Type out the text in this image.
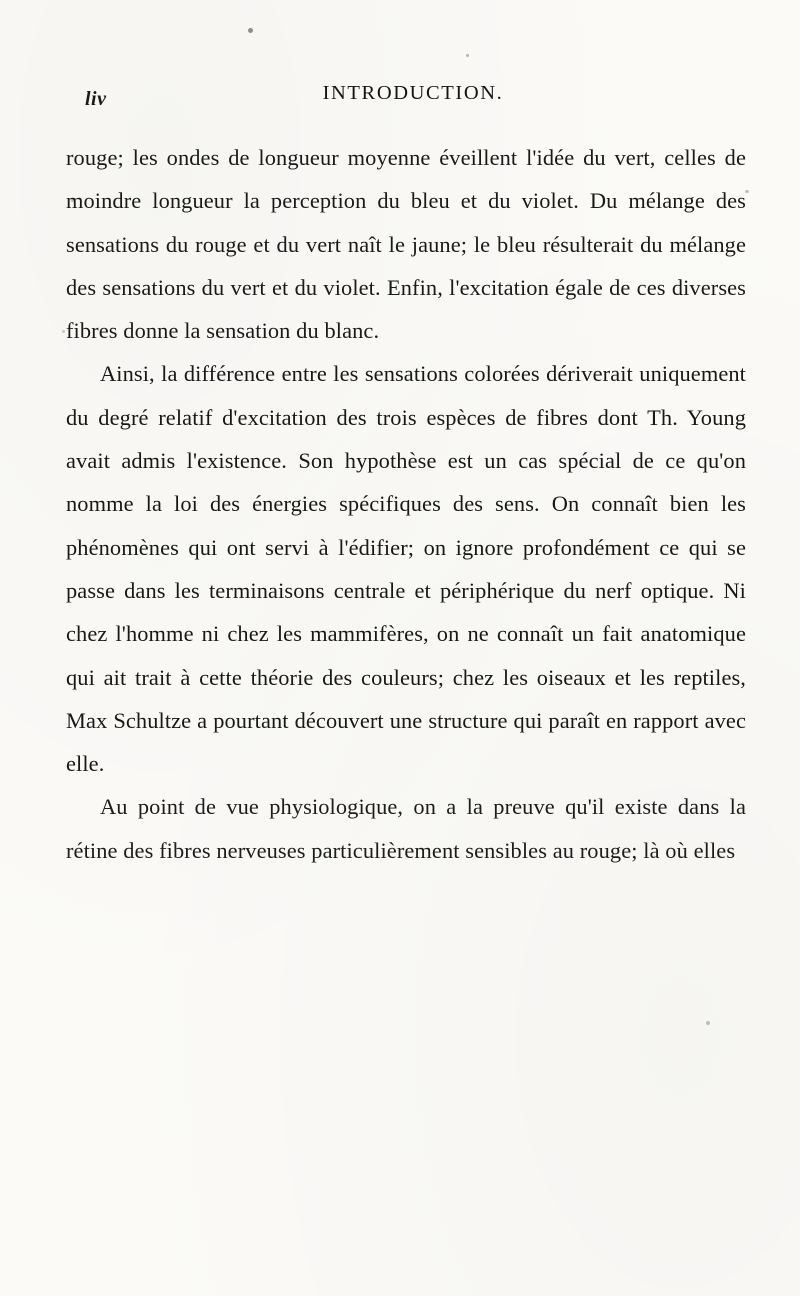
liv	INTRODUCTION.

rouge; les ondes de longueur moyenne éveillent l'idée du vert, celles de moindre longueur la perception du bleu et du violet. Du mélange des sensations du rouge et du vert naît le jaune; le bleu résulterait du mélange des sensations du vert et du violet. Enfin, l'excitation égale de ces diverses fibres donne la sensation du blanc.

Ainsi, la différence entre les sensations colorées dériverait uniquement du degré relatif d'excitation des trois espèces de fibres dont Th. Young avait admis l'existence. Son hypothèse est un cas spécial de ce qu'on nomme la loi des énergies spécifiques des sens. On connaît bien les phénomènes qui ont servi à l'édifier; on ignore profondément ce qui se passe dans les terminaisons centrale et périphérique du nerf optique. Ni chez l'homme ni chez les mammifères, on ne connaît un fait anatomique qui ait trait à cette théorie des couleurs; chez les oiseaux et les reptiles, Max Schultze a pourtant découvert une structure qui paraît en rapport avec elle.

Au point de vue physiologique, on a la preuve qu'il existe dans la rétine des fibres nerveuses particulièrement sensibles au rouge; là où elles
